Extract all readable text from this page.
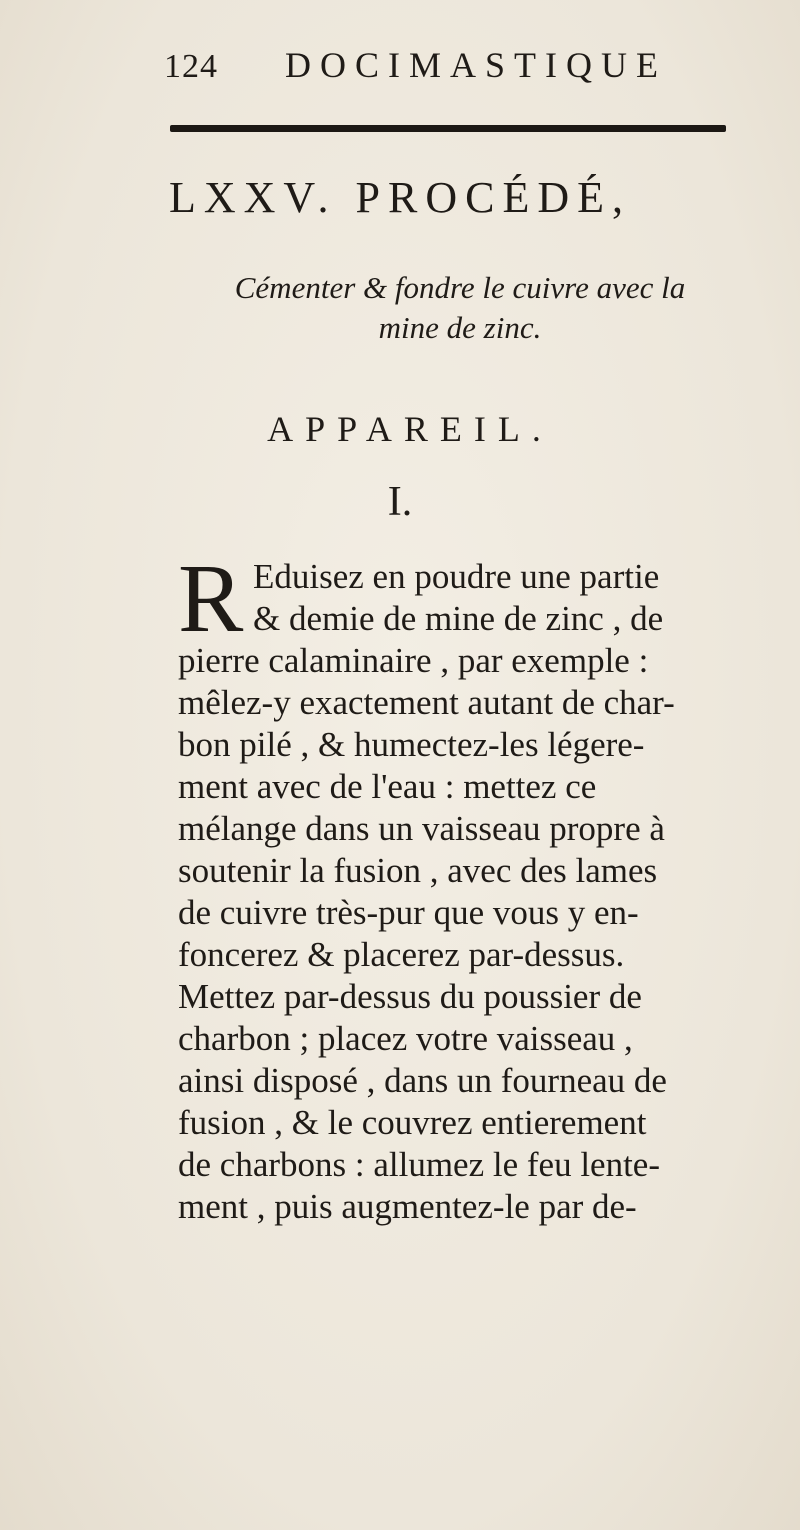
124 DOCIMASTIQUE
LXXV. PROCÉDÉ,
Cémenter & fondre le cuivre avec la
mine de zinc.
APPAREIL.
I.
R Eduisez en poudre une partie
& demie de mine de zinc , de
pierre calaminaire , par exemple :
mêlez-y exactement autant de char-
bon pilé , & humectez-les légere-
ment avec de l'eau : mettez ce
mélange dans un vaisseau propre à
soutenir la fusion , avec des lames
de cuivre très-pur que vous y en-
foncerez & placerez par-dessus.
Mettez par-dessus du poussier de
charbon ; placez votre vaisseau ,
ainsi disposé , dans un fourneau de
fusion , & le couvrez entierement
de charbons : allumez le feu lente-
ment , puis augmentez-le par de-
